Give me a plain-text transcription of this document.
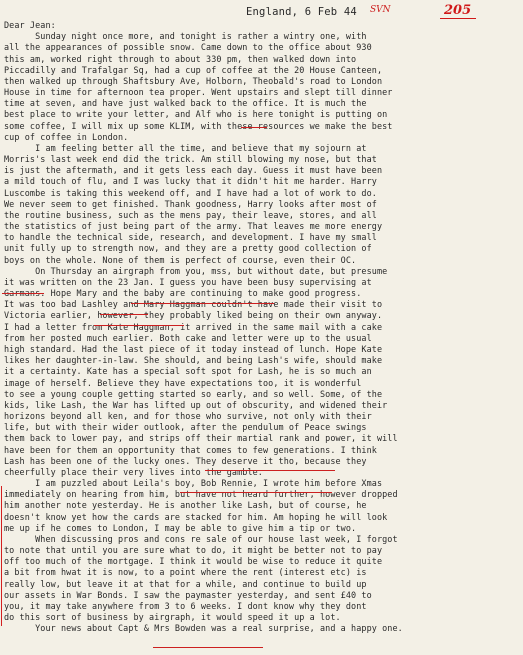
England, 6 Feb 44 SVN	205
Dear Jean:
Sunday night once more, and tonight is rather a wintry one, with
all the appearances of possible snow. Came down to the office about 930
this am, worked right through to about 330 pm, then walked down into
Piccadilly and Trafalgar Sq, had a cup of coffee at the 20 House Canteen,
then walked up through Shaftsbury Ave, Holborn, Theobald's road to London
House in time for afternoon tea proper. Went upstairs and slept till dinner
time at seven, and have just walked back to the office. It is much the
best place to write your letter, and Alf who is here tonight is putting on
some coffee, I will mix up some KLIM, with these resources we make the best
cup of coffee in London.
I am feeling better all the time, and believe that my sojourn at
Morris's last week end did the trick. Am still blowing my nose, but that
is just the aftermath, and it gets less each day. Guess it must have been
a mild touch of flu, and I was lucky that it didn't hit me harder. Harry
Luscombe is taking this weekend off, and I have had a lot of work to do.
We never seem to get finished. Thank goodness, Harry looks after most of
the routine business, such as the mens pay, their leave, stores, and all
the statistics of just being part of the army. That leaves me more energy
to handle the technical side, research, and development. I have my small
unit fully up to strength now, and they are a pretty good collection of
boys on the whole. None of them is perfect of course, even their OC.
On Thursday an airgraph from you, mss, but without date, but presume
it was written on the 23 Jan. I guess you have been busy supervising at
Garmans. Hope Mary and the baby are continuing to make good progress.
It was too bad Lashley and Mary Haggman couldn't have made their visit to
Victoria earlier, however, they probably liked being on their own anyway.
I had a letter from Kate Haggman, it arrived in the same mail with a cake
from her posted much earlier. Both cake and letter were up to the usual
high standard. Had the last piece of it today instead of lunch. Hope Kate
likes her daughter-in-law. She should, and being Lash's wife, should make
it a certainty. Kate has a special soft spot for Lash, he is so much an
image of herself. Believe they have expectations too, it is wonderful
to see a young couple getting started so early, and so well. Some, of the
kids, like Lash, the War has lifted up out of obscurity, and widened their
horizons beyond all ken, and for those who survive, not only with their
life, but with their wider outlook, after the pendulum of Peace swings
them back to lower pay, and strips off their martial rank and power, it will
have been for them an opportunity that comes to few generations. I think
Lash has been one of the lucky ones. They deserve it tho, because they
cheerfully place their very lives into the gamble.
I am puzzled about Leila's boy, Bob Rennie, I wrote him before Xmas
immediately on hearing from him, but have not heard further, however dropped
him another note yesterday. He is another like Lash, but of course, he
doesn't know yet how the cards are stacked for him. Am hoping he will look
me up if he comes to London, I may be able to give him a tip or two.
When discussing pros and cons re sale of our house last week, I forgot
to note that until you are sure what to do, it might be better not to pay
off too much of the mortgage. I think it would be wise to reduce it quite
a bit from hwat it is now, to a point where the rent (interest etc) is
really low, but leave it at that for a while, and continue to build up
our assets in War Bonds. I saw the paymaster yesterday, and sent £40 to
you, it may take anywhere from 3 to 6 weeks. I dont know why they dont
do this sort of business by airgraph, it would speed it up a lot.
Your news about Capt & Mrs Bowden was a real surprise, and a happy one.
